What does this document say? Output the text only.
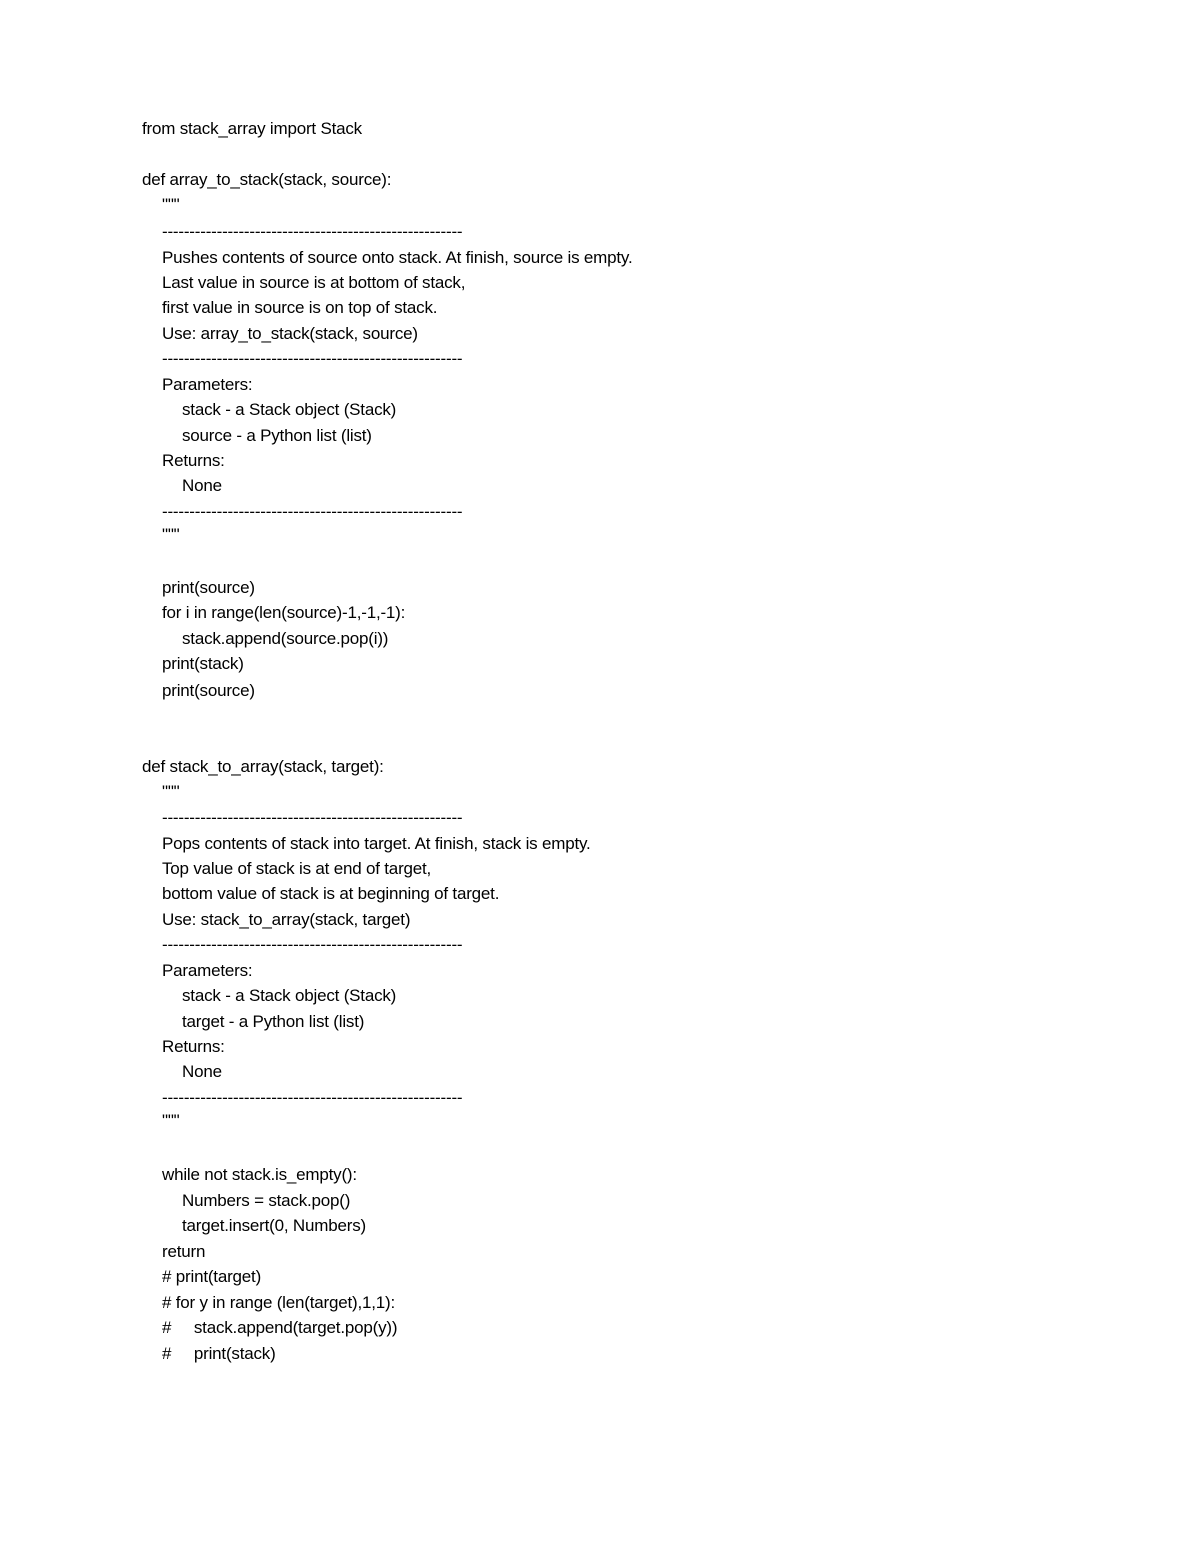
from stack_array import Stack
def array_to_stack(stack, source):
"""
-------------------------------------------------------
Pushes contents of source onto stack. At finish, source is empty.
Last value in source is at bottom of stack,
first value in source is on top of stack.
Use: array_to_stack(stack, source)
-------------------------------------------------------
Parameters:
stack - a Stack object (Stack)
source - a Python list (list)
Returns:
None
-------------------------------------------------------
"""
print(source)
for i in range(len(source)-1,-1,-1):
stack.append(source.pop(i))
print(stack)
print(source)
def stack_to_array(stack, target):
"""
-------------------------------------------------------
Pops contents of stack into target. At finish, stack is empty.
Top value of stack is at end of target,
bottom value of stack is at beginning of target.
Use: stack_to_array(stack, target)
-------------------------------------------------------
Parameters:
stack - a Stack object (Stack)
target - a Python list (list)
Returns:
None
-------------------------------------------------------
"""
while not stack.is_empty():
Numbers = stack.pop()
target.insert(0, Numbers)
return
# print(target)
# for y in range (len(target),1,1):
#     stack.append(target.pop(y))
#     print(stack)
